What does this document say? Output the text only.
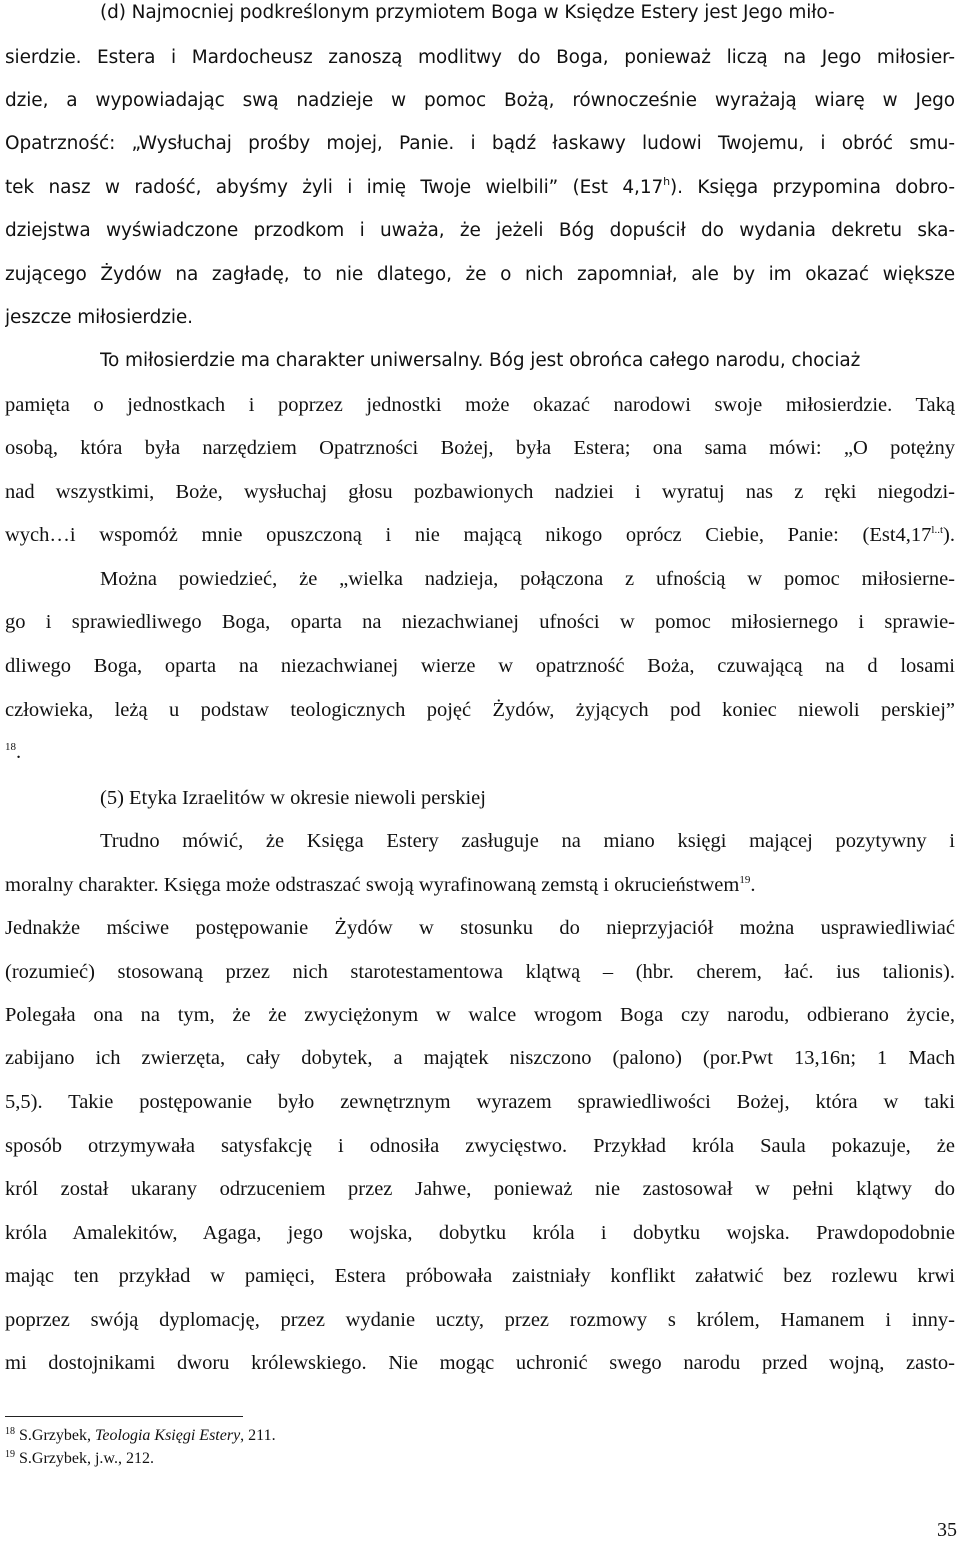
(d) Najmocniej podkreślonym przymiotem Boga w Księdze Estery jest Jego miło-
sierdzie. Estera i Mardocheusz zanoszą modlitwy do Boga, ponieważ liczą na Jego miłosier-
dzie, a wypowiadając swą nadzieje w pomoc Bożą, równocześnie wyrażają wiarę w Jego
Opatrzność: „Wysłuchaj prośby mojej, Panie. i bądź łaskawy ludowi Twojemu, i obróć smu-
tek nasz w radość, abyśmy żyli i imię Twoje wielbili” (Est 4,17$^h$). Księga przypomina dobro-
dziejstwa wyświadczone przodkom i uważa, że jeżeli Bóg dopuścił do wydania dekretu ska-
zującego Żydów na zagładę, to nie dlatego, że o nich zapomniał, ale by im okazać większe
jeszcze miłosierdzie.
To miłosierdzie ma charakter uniwersalny. Bóg jest obrońca całego narodu, chociaż
pamięta o jednostkach i poprzez jednostki może okazać narodowi swoje miłosierdzie. Taką
osobą, która była narzędziem Opatrzności Bożej, była Estera; ona sama mówi: „O potężny
nad wszystkimi, Boże, wysłuchaj głosu pozbawionych nadziei i wyratuj nas z ręki niegodzi-
wych…i wspomóż mnie opuszczoną i nie mającą nikogo oprócz Ciebie, Panie: $(Est4,17^{l..t})$.
Można powiedzieć, że „wielka nadzieja, połączona z ufnością w pomoc miłosierne-
go i sprawiedliwego Boga, oparta na niezachwianej ufności w pomoc miłosiernego i sprawie-
dliwego Boga, oparta na niezachwianej wierze w opatrzność Boża, czuwającą na d losami
człowieka, leżą u podstaw teologicznych pojęć Żydów, żyjących pod koniec niewoli perskiej”
$^{18}$.
(5) Etyka Izraelitów w okresie niewoli perskiej
Trudno mówić, że Księga Estery zasługuje na miano księgi mającej pozytywny i
moralny charakter. Księga może odstraszać swoją wyrafinowaną zemstą i okrucieństwem$^{19}$.
Jednakże mściwe postępowanie Żydów w stosunku do nieprzyjaciół można usprawiedliwiać
(rozumieć) stosowaną przez nich starotestamentowa klątwą – (hbr. cherem, łać. ius talionis).
Polegała ona na tym, że że zwyciężonym w walce wrogom Boga czy narodu, odbierano życie,
zabijano ich zwierzęta, cały dobytek, a majątek niszczono (palono) (por.Pwt 13,16n; 1 Mach
5,5). Takie postępowanie było zewnętrznym wyrazem sprawiedliwości Bożej, która w taki
sposób otrzymywała satysfakcję i odnosiła zwycięstwo. Przykład króla Saula pokazuje, że
król został ukarany odrzuceniem przez Jahwe, ponieważ nie zastosował w pełni klątwy do
króla Amalekitów, Agaga, jego wojska, dobytku króla i dobytku wojska. Prawdopodobnie
mając ten przykład w pamięci, Estera próbowała zaistniały konflikt załatwić bez rozlewu krwi
poprzez swóją dyplomację, przez wydanie uczty, przez rozmowy s królem, Hamanem i inny-
mi dostojnikami dworu królewskiego. Nie mogąc uchronić swego narodu przed wojną, zasto-
$^{18}$ S.Grzybek, Teologia Księgi Estery, 211.
$^{19}$ S.Grzybek, j.w., 212.
35
